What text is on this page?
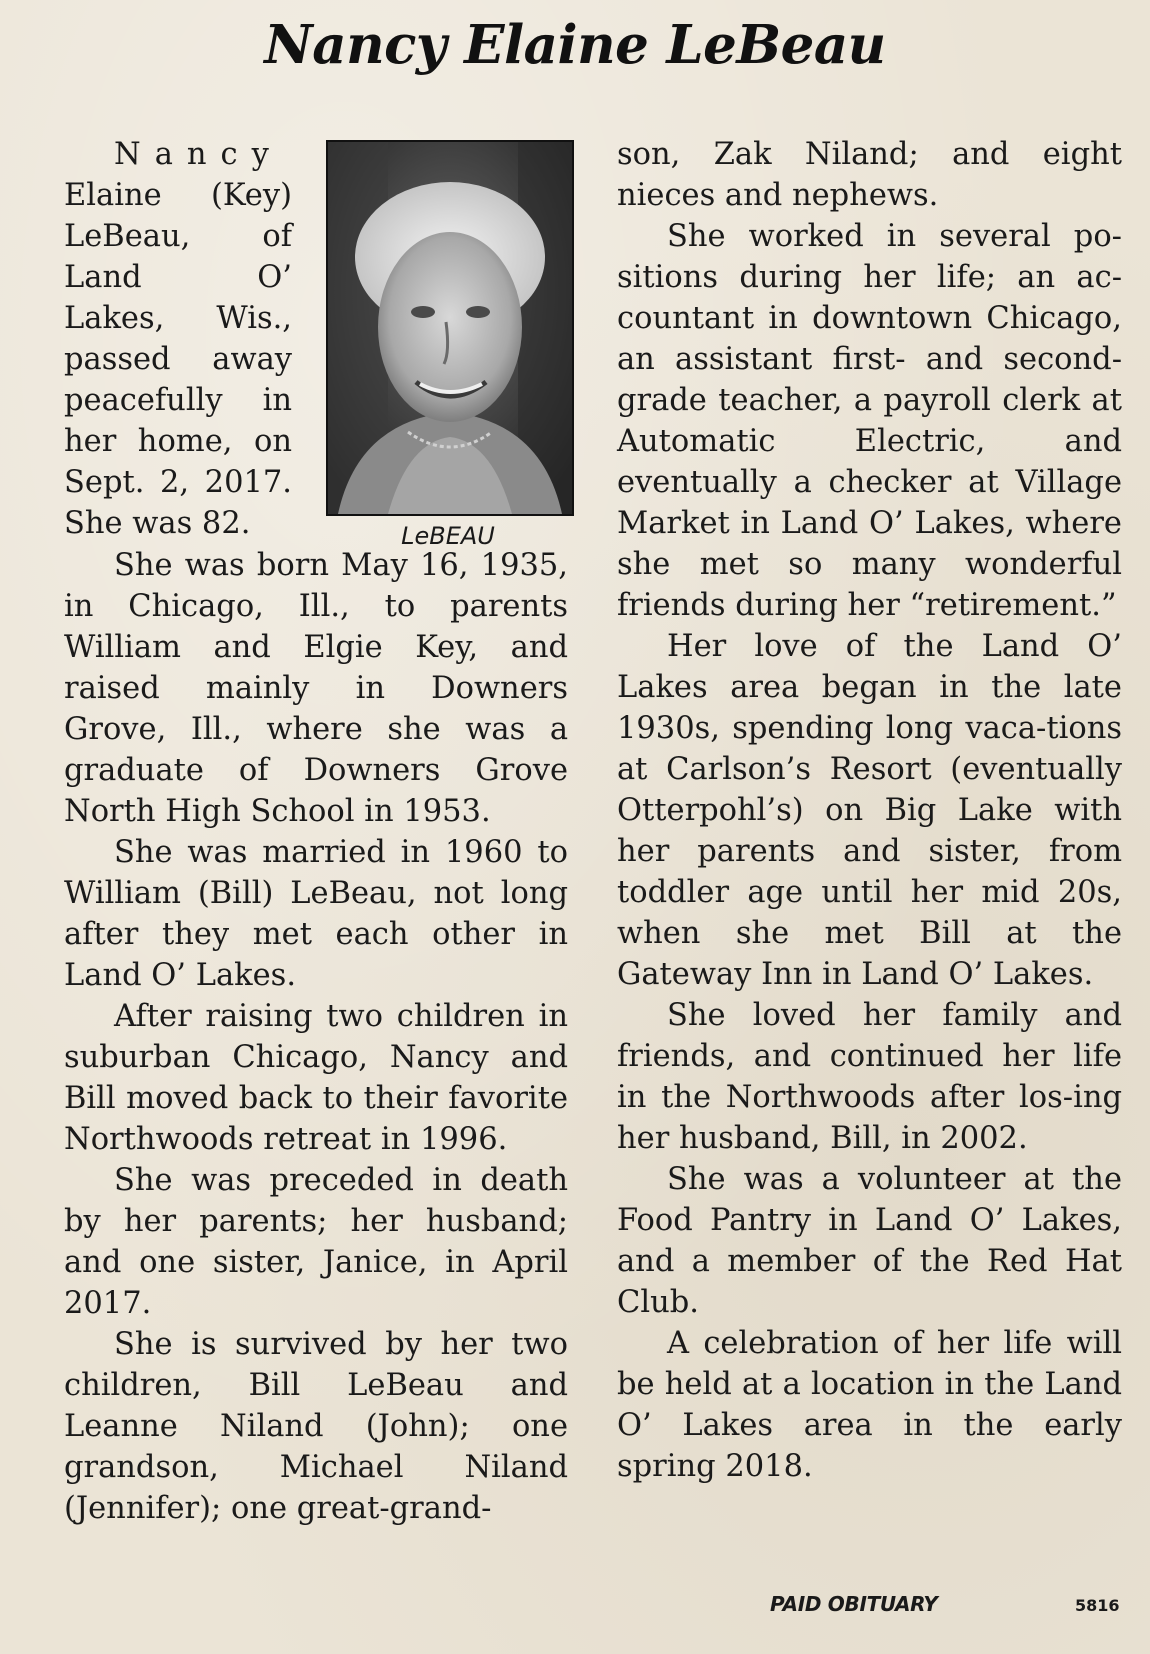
Nancy Elaine LeBeau
Nancy
Elaine (Key) LeBeau, of Land O’ Lakes, Wis., passed away peacefully in her home, on Sept. 2, 2017. She was 82.	LeBEAU

She was born May 16, 1935, in Chicago, Ill., to parents William and Elgie Key, and raised mainly in Downers Grove, Ill., where she was a graduate of Downers Grove North High School in 1953.

She was married in 1960 to William (Bill) LeBeau, not long after they met each other in Land O’ Lakes.

After raising two children in suburban Chicago, Nancy and Bill moved back to their favorite Northwoods retreat in 1996.

She was preceded in death by her parents; her husband; and one sister, Janice, in April 2017.

She is survived by her two children, Bill LeBeau and Leanne Niland (John); one grandson, Michael Niland (Jennifer); one great-grand-

son, Zak Niland; and eight nieces and nephews.

She worked in several po-sitions during her life; an ac-countant in downtown Chicago, an assistant first- and second-grade teacher, a payroll clerk at Automatic Electric, and eventually a checker at Village Market in Land O’ Lakes, where she met so many wonderful friends during her “retirement.”

Her love of the Land O’ Lakes area began in the late 1930s, spending long vaca-tions at Carlson’s Resort (eventually Otterpohl’s) on Big Lake with her parents and sister, from toddler age until her mid 20s, when she met Bill at the Gateway Inn in Land O’ Lakes.

She loved her family and friends, and continued her life in the Northwoods after los-ing her husband, Bill, in 2002.

She was a volunteer at the Food Pantry in Land O’ Lakes, and a member of the Red Hat Club.

A celebration of her life will be held at a location in the Land O’ Lakes area in the early spring 2018.

PAID OBITUARY	5816
